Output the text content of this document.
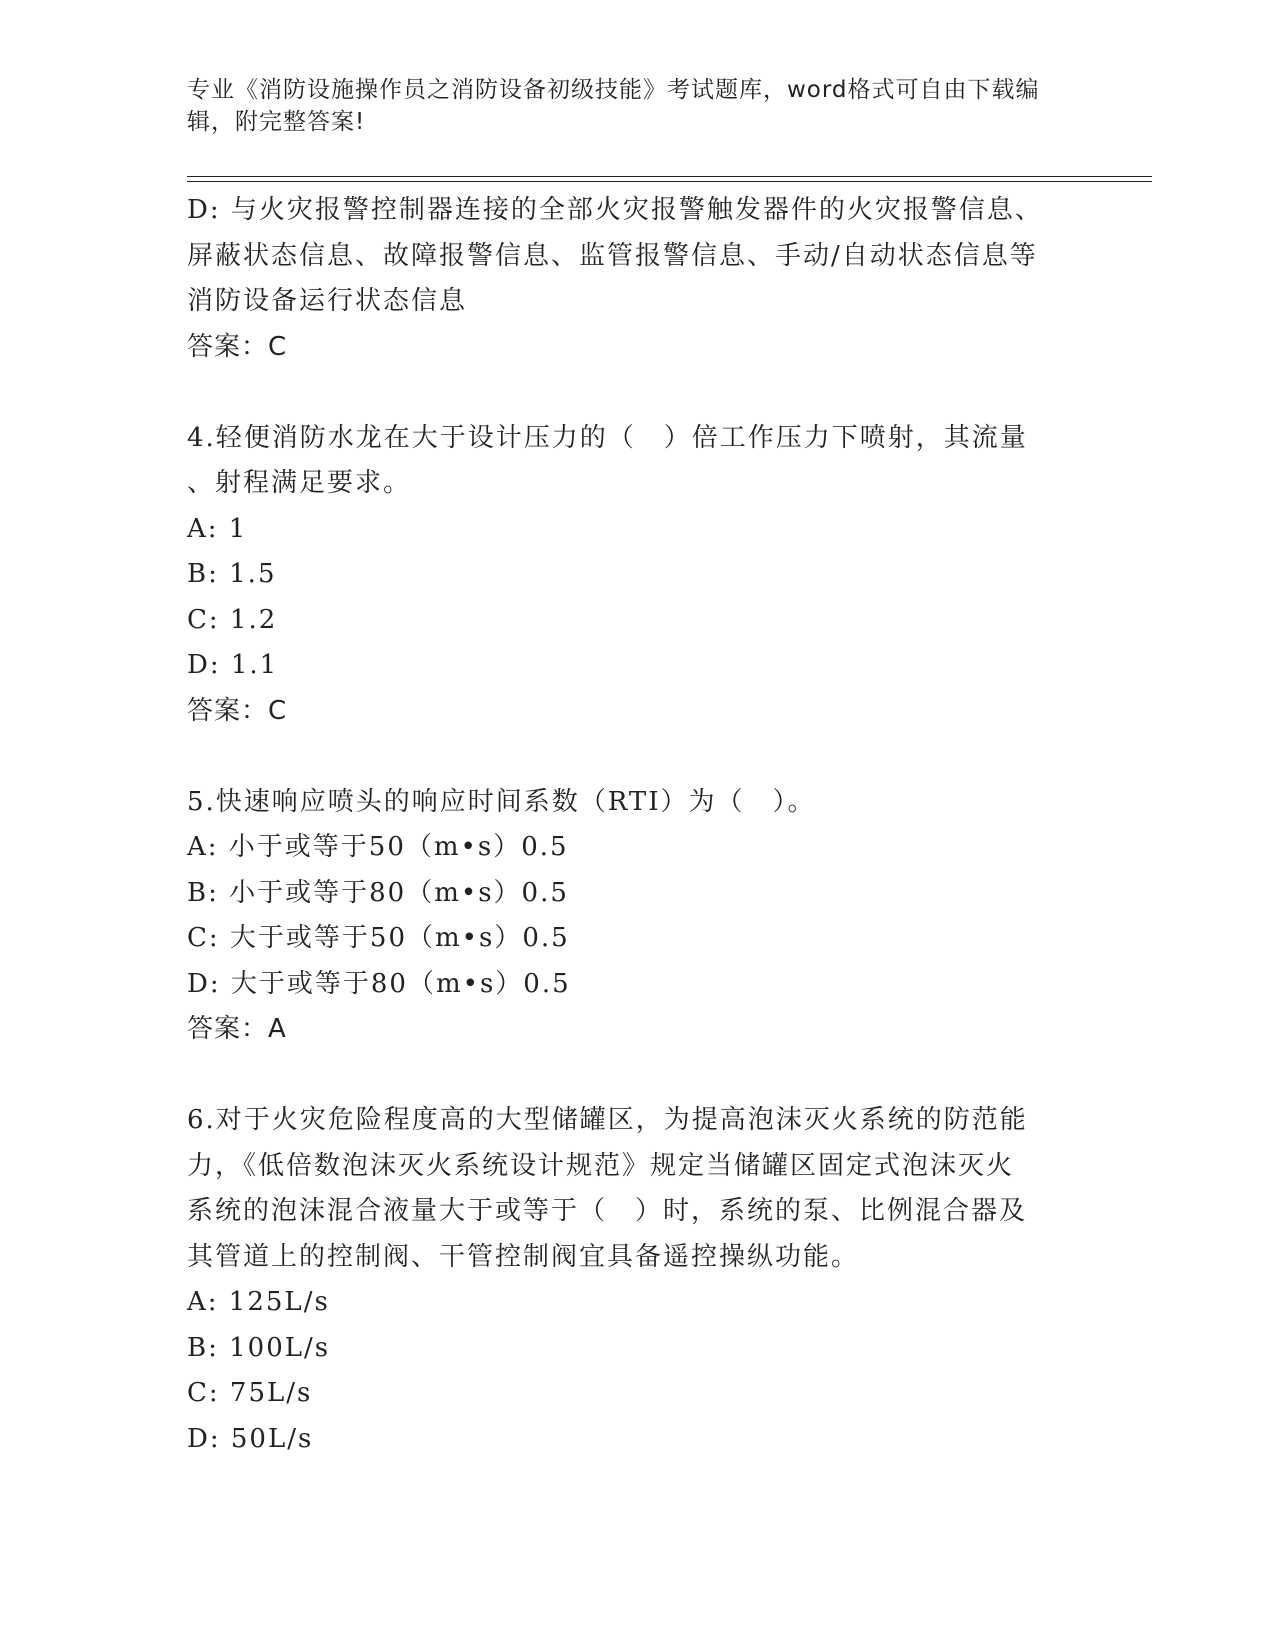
专业《消防设施操作员之消防设备初级技能》考试题库，word格式可自由下载编
辑，附完整答案!
D: 与火灾报警控制器连接的全部火灾报警触发器件的火灾报警信息、
屏蔽状态信息、故障报警信息、监管报警信息、手动/自动状态信息等
消防设备运行状态信息
答案：C
4.轻便消防水龙在大于设计压力的（　）倍工作压力下喷射，其流量
、射程满足要求。
A: 1
B: 1.5
C: 1.2
D: 1.1
答案：C
5.快速响应喷头的响应时间系数（RTI）为（　）。
A: 小于或等于50（m•s）0.5
B: 小于或等于80（m•s）0.5
C: 大于或等于50（m•s）0.5
D: 大于或等于80（m•s）0.5
答案：A
6.对于火灾危险程度高的大型储罐区，为提高泡沫灭火系统的防范能
力，《低倍数泡沫灭火系统设计规范》规定当储罐区固定式泡沫灭火
系统的泡沫混合液量大于或等于（　）时，系统的泵、比例混合器及
其管道上的控制阀、干管控制阀宜具备遥控操纵功能。
A: 125L/s
B: 100L/s
C: 75L/s
D: 50L/s
